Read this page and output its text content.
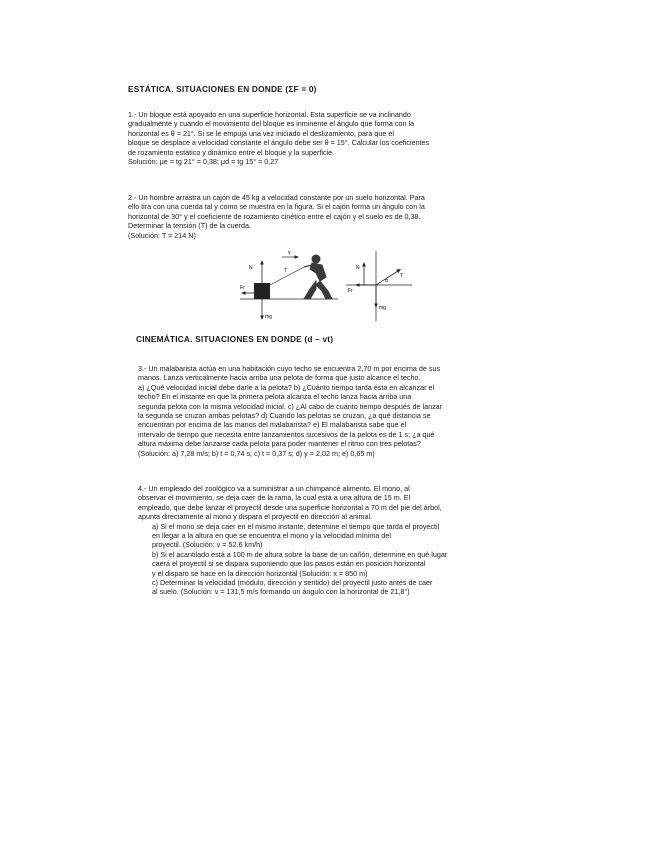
ESTÁTICA. SITUACIONES EN DONDE (ΣF = 0)
1.- Un bloque está apoyado en una superficie horizontal. Esta superficie se va inclinando
gradualmente y cuando el movimiento del bloque es inminente el ángulo que forma con la
horizontal es θ = 21°. Si se le empuja una vez iniciado el deslizamiento, para que el
bloque se desplace a velocidad constante el ángulo debe ser θ = 15°. Calcular los coeficientes
de rozamiento estático y dinámico entre el bloque y la superficie.
Solución: μe = tg 21° = 0,38; μd = tg 15° = 0,27
2.- Un hombre arrastra un cajón de 45 kg a velocidad constante por un suelo horizontal. Para
ello tira con una cuerda tal y como se muestra en la figura. Si el cajón forma un ángulo con la
horizontal de 30° y el coeficiente de rozamiento cinético entre el cajón y el suelo es de 0,38.
Determinar la tensión (T) de la cuerda.
(Solución: T = 214 N)
N
mg
Fr
T
v
N
T
α
Fr
mg
CINEMÁTICA. SITUACIONES EN DONDE (d – vt)
3.- Un malabarista actúa en una habitación cuyo techo se encuentra 2,70 m por encima de sus
manos. Lanza verticalmente hacia arriba una pelota de forma que justo alcance el techo.
a) ¿Qué velocidad inicial debe darle a la pelota? b) ¿Cuánto tiempo tarda ésta en alcanzar el
techo? En el instante en que la primera pelota alcanza el techo lanza hacia arriba una
segunda pelota con la misma velocidad inicial. c) ¿Al cabo de cuánto tiempo después de lanzar
la segunda se cruzan ambas pelotas? d) Cuando las pelotas se cruzan, ¿a qué distancia se
encuentran por encima de las manos del malabarista? e) El malabarista sabe que el
intervalo de tiempo que necesita entre lanzamientos sucesivos de la pelota es de 1 s; ¿a qué
altura máxima debe lanzarse cada pelota para poder mantener el ritmo con tres pelotas?
(Solución: a) 7,28 m/s; b) t = 0,74 s; c) t = 0,37 s; d) y = 2,02 m; e) 0,65 m)
4.- Un empleado del zoológico va a suministrar a un chimpancé alimento. El mono, al
observar el movimiento, se deja caer de la rama, la cual está a una altura de 15 m. El
empleado, que debe lanzar el proyectil desde una superficie horizontal a 70 m del pie del árbol,
apunta directamente al mono y dispara el proyectil en dirección al animal.
a) Si el mono se deja caer en el mismo instante, determine el tiempo que tarda el proyectil
en llegar a la altura en que se encuentra el mono y la velocidad mínima del
proyectil. (Solución: v = 52,6 km/h)
b) Si el acantilado está a 100 m de altura sobre la base de un cañón, determine en qué lugar
caerá el proyectil si se dispara suponiendo que los pasos están en posición horizontal
y el disparo se hace en la dirección horizontal (Solución: x = 850 m)
c) Determinar la velocidad (módulo, dirección y sentido) del proyectil justo antes de caer
al suelo. (Solución: v = 131,5 m/s formando un ángulo con la horizontal de 21,8°)
